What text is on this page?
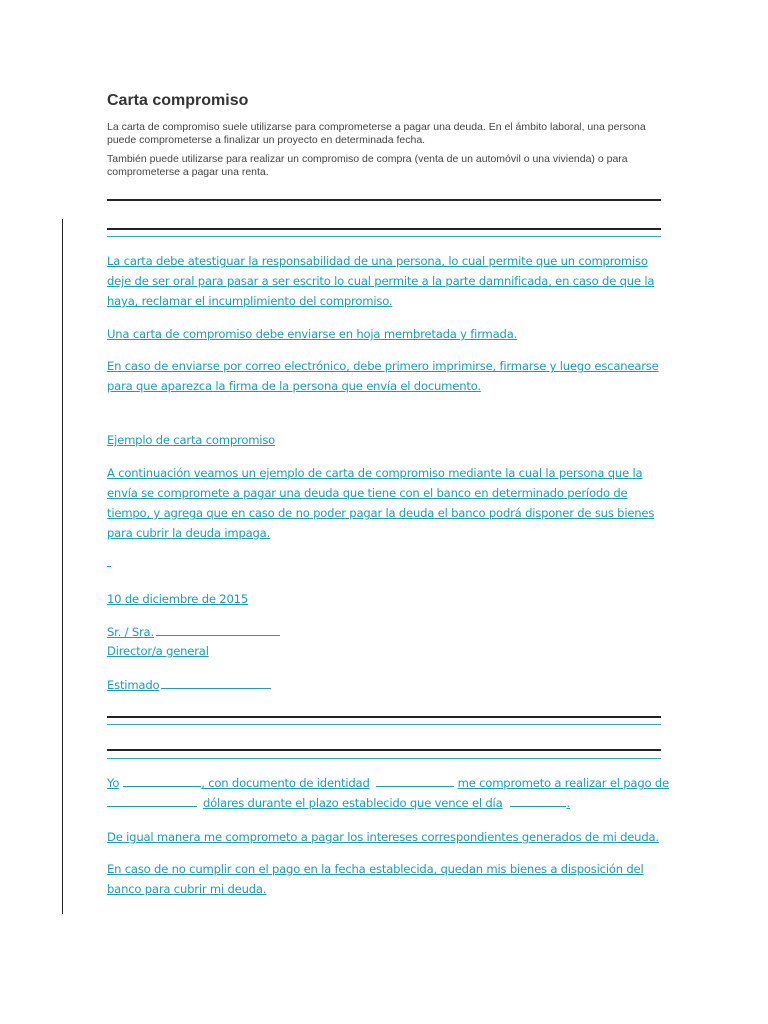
Carta compromiso

La carta de compromiso suele utilizarse para comprometerse a pagar una deuda. En el ámbito laboral, una persona puede comprometerse a finalizar un proyecto en determinada fecha.

También puede utilizarse para realizar un compromiso de compra (venta de un automóvil o una vivienda) o para comprometerse a pagar una renta.

La carta debe atestiguar la responsabilidad de una persona, lo cual permite que un compromiso deje de ser oral para pasar a ser escrito lo cual permite a la parte damnificada, en caso de que la haya, reclamar el incumplimiento del compromiso.

Una carta de compromiso debe enviarse en hoja membretada y firmada.

En caso de enviarse por correo electrónico, debe primero imprimirse, firmarse y luego escanearse para que aparezca la firma de la persona que envía el documento.

Ejemplo de carta compromiso

A continuación veamos un ejemplo de carta de compromiso mediante la cual la persona que la envía se compromete a pagar una deuda que tiene con el banco en determinado período de tiempo, y agrega que en caso de no poder pagar la deuda el banco podrá disponer de sus bienes para cubrir la deuda impaga.

10 de diciembre de 2015

Sr. / Sra.

Director/a general

Estimado
Yo	, con documento de identidad	me comprometo a realizar el pago de
dólares durante el plazo establecido que vence el día	.

De igual manera me comprometo a pagar los intereses correspondientes generados de mi deuda.

En caso de no cumplir con el pago en la fecha establecida, quedan mis bienes a disposición del banco para cubrir mi deuda.
